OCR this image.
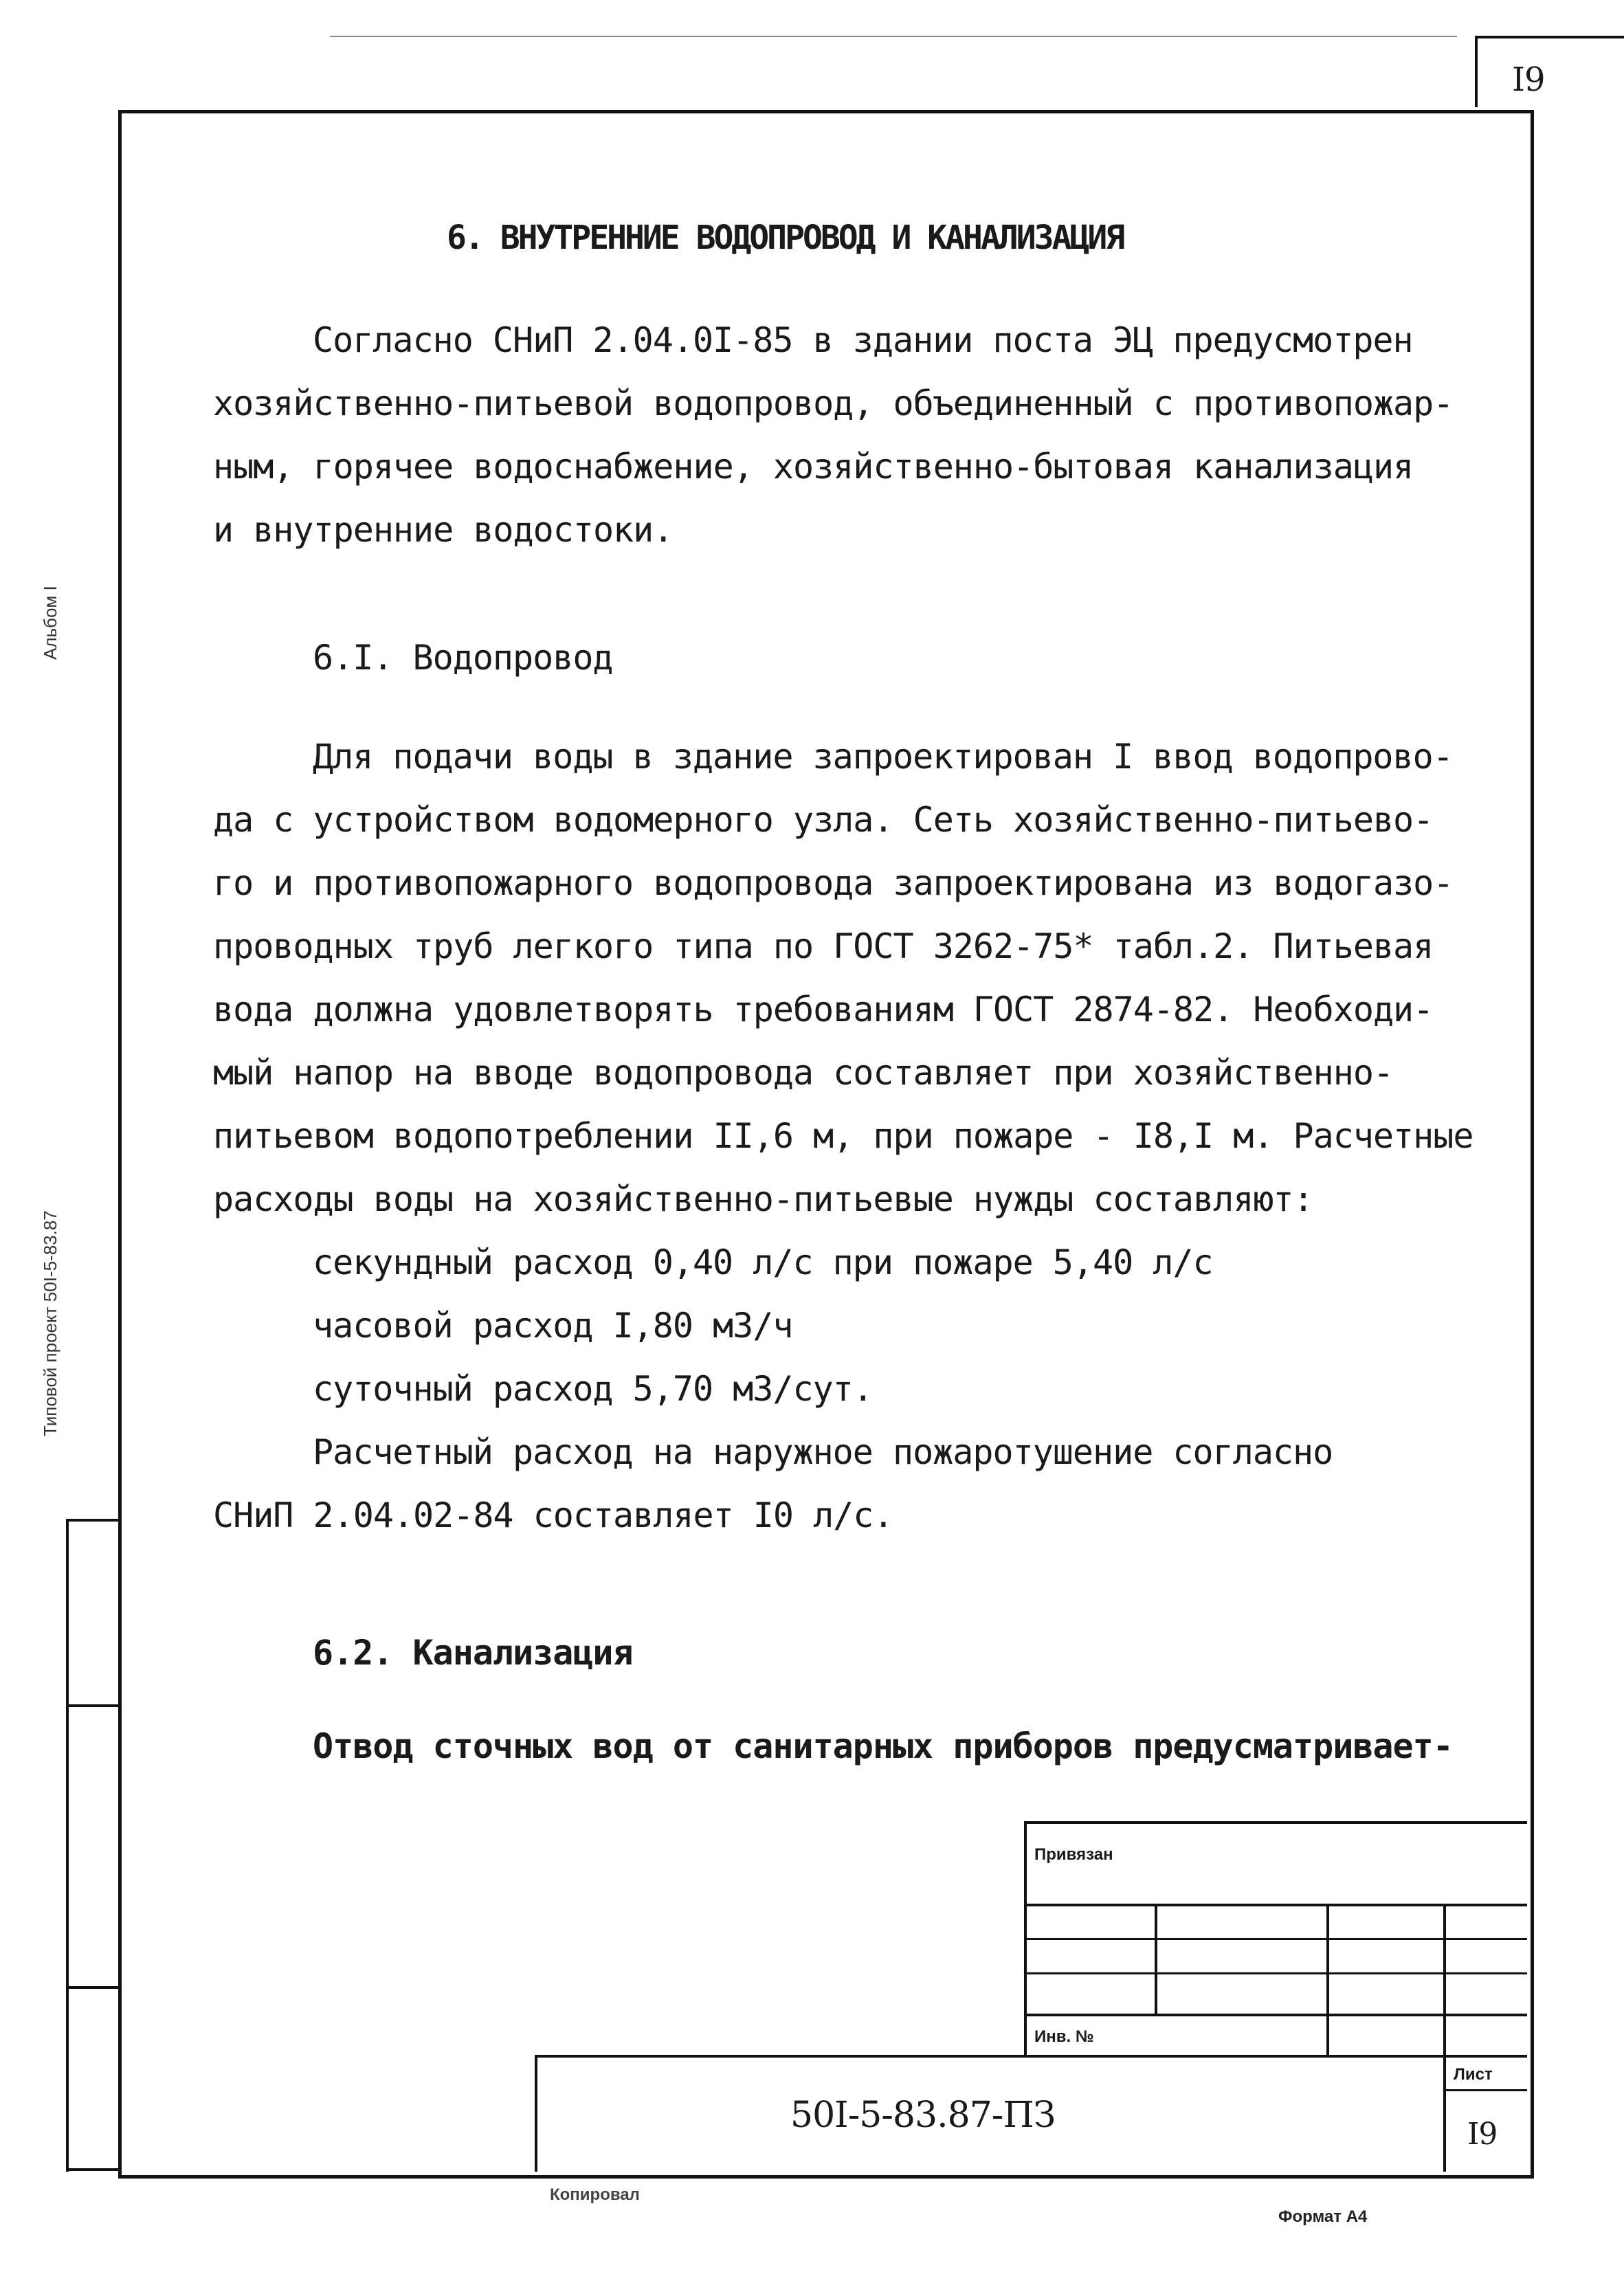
I9
Типовой проект 50I-5-83.87
Альбом I
6. ВНУТРЕННИЕ ВОДОПРОВОД И КАНАЛИЗАЦИЯ
Согласно СНиП 2.04.0I-85 в здании поста ЭЦ предусмотрен
хозяйственно-питьевой водопровод, объединенный с противопожар-
ным, горячее водоснабжение, хозяйственно-бытовая канализация
и внутренние водостоки.
6.I. Водопровод
Для подачи воды в здание запроектирован I ввод водопрово-
да с устройством водомерного узла. Сеть хозяйственно-питьево-
го и противопожарного водопровода запроектирована из водогазо-
проводных труб легкого типа по ГОСТ 3262-75* табл.2. Питьевая
вода должна удовлетворять требованиям ГОСТ 2874-82. Необходи-
мый напор на вводе водопровода составляет при хозяйственно-
питьевом водопотреблении II,6 м, при пожаре - I8,I м. Расчетные
расходы воды на хозяйственно-питьевые нужды составляют:
секундный расход 0,40 л/с при пожаре 5,40 л/с
часовой расход I,80 м3/ч
суточный расход 5,70 м3/сут.
Расчетный расход на наружное пожаротушение согласно
СНиП 2.04.02-84 составляет I0 л/с.
6.2. Канализация
Отвод сточных вод от санитарных приборов предусматривает-
Привязан
Инв. №
50I-5-83.87-ПЗ
Лист
I9
Копировал
Формат А4
